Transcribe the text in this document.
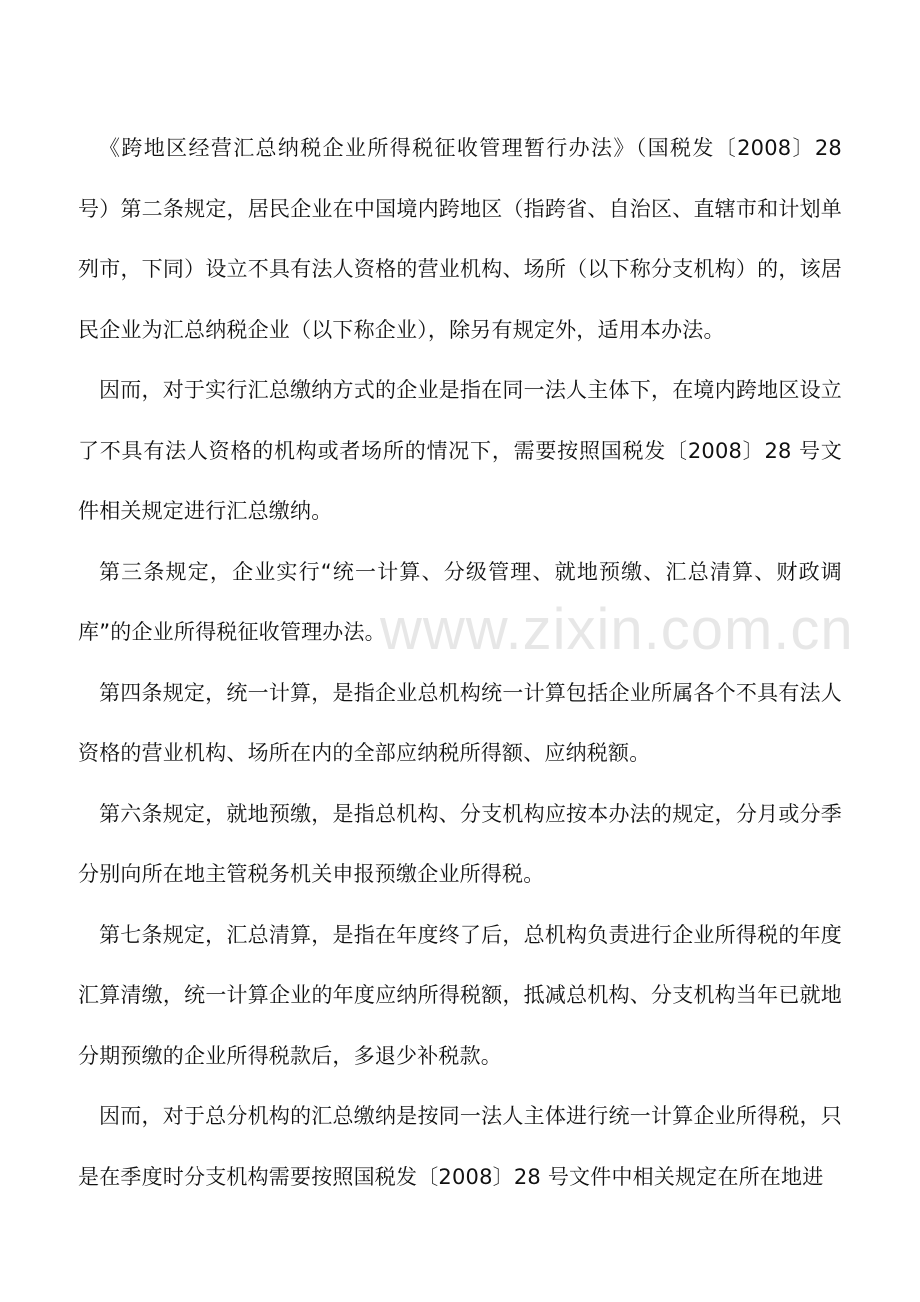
《跨地区经营汇总纳税企业所得税征收管理暂行办法》（国税发〔2008〕28 号）第二条规定，居民企业在中国境内跨地区（指跨省、自治区、直辖市和计划单列市，下同）设立不具有法人资格的营业机构、场所（以下称分支机构）的，该居民企业为汇总纳税企业（以下称企业），除另有规定外，适用本办法。

因而，对于实行汇总缴纳方式的企业是指在同一法人主体下，在境内跨地区设立了不具有法人资格的机构或者场所的情况下，需要按照国税发〔2008〕28 号文件相关规定进行汇总缴纳。

第三条规定，企业实行“统一计算、分级管理、就地预缴、汇总清算、财政调库”的企业所得税征收管理办法。

第四条规定，统一计算，是指企业总机构统一计算包括企业所属各个不具有法人资格的营业机构、场所在内的全部应纳税所得额、应纳税额。

第六条规定，就地预缴，是指总机构、分支机构应按本办法的规定，分月或分季分别向所在地主管税务机关申报预缴企业所得税。

第七条规定，汇总清算，是指在年度终了后，总机构负责进行企业所得税的年度汇算清缴，统一计算企业的年度应纳所得税额，抵减总机构、分支机构当年已就地分期预缴的企业所得税款后，多退少补税款。

因而，对于总分机构的汇总缴纳是按同一法人主体进行统一计算企业所得税，只是在季度时分支机构需要按照国税发〔2008〕28 号文件中相关规定在所在地进

www.zixin.com.cn
